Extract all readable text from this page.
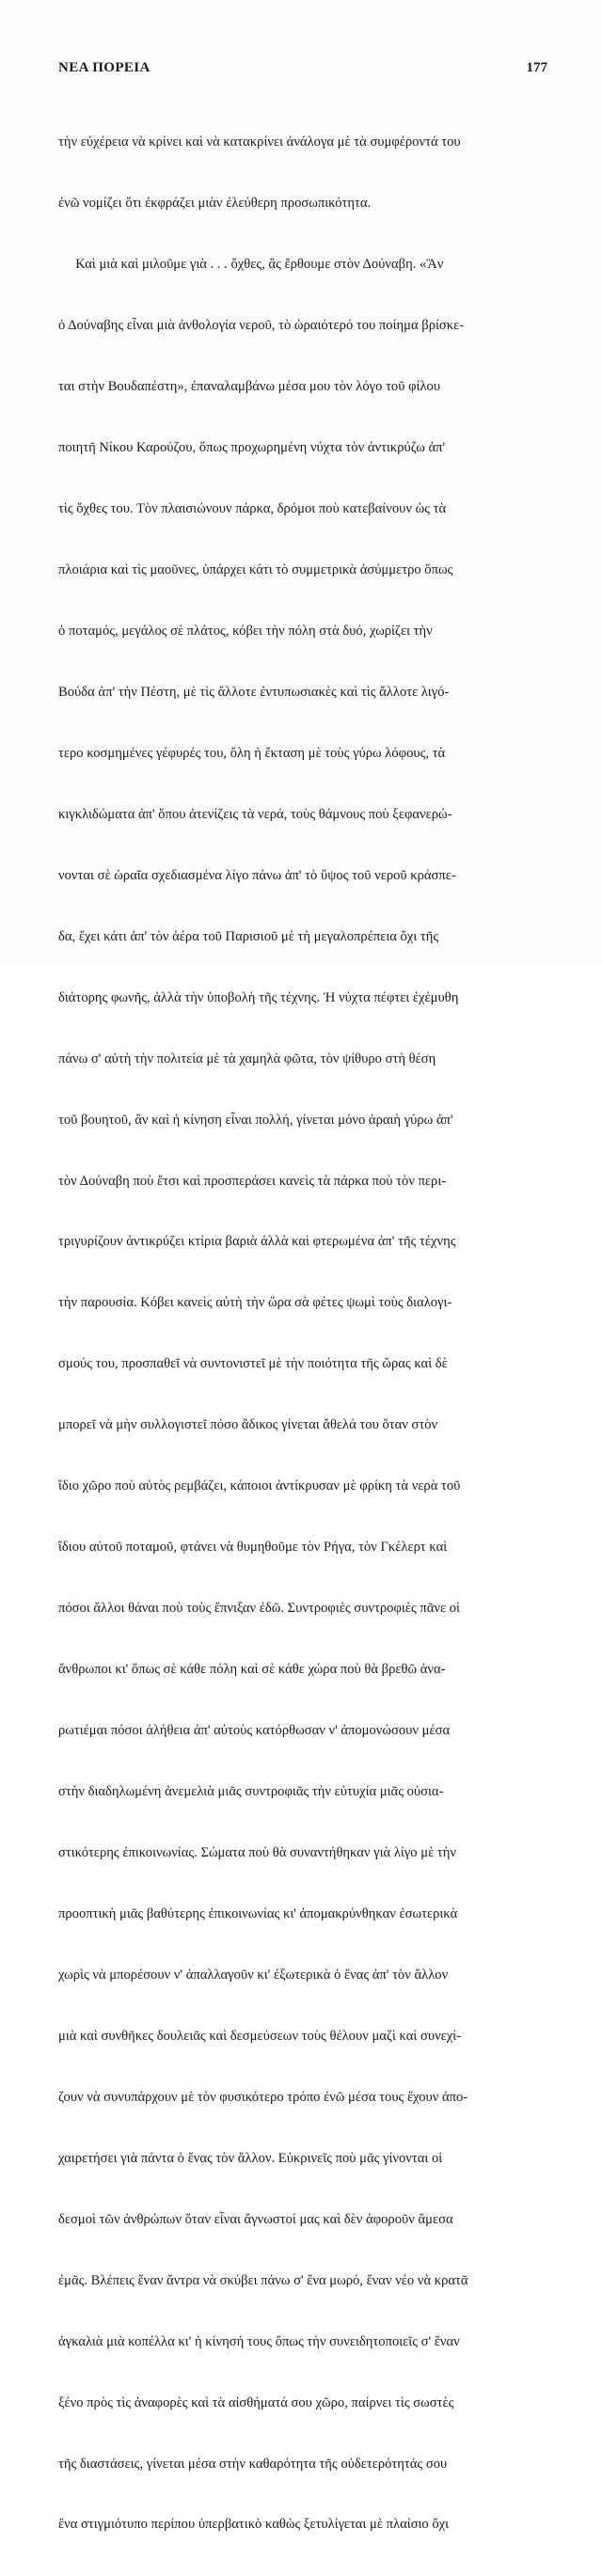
ΝΕΑ ΠΟΡΕΙΑ	177

τὴν εὐχέρεια νὰ κρίνει καὶ νὰ κατακρίνει ἀνάλογα μὲ τὰ συμφέροντά του

ἐνῶ νομίζει ὅτι ἐκφράζει μιὰν ἐλεύθερη προσωπικότητα.

Καὶ μιὰ καὶ μιλοῦμε γιὰ . . . ὄχθες, ἂς ἔρθουμε στὸν Δούναβη. «Ἂν

ὁ Δούναβης εἶναι μιὰ ἀνθολογία νεροῦ, τὸ ὡραιότερό του ποίημα βρίσκε-

ται στὴν Βουδαπέστη», ἐπαναλαμβάνω μέσα μου τὸν λόγο τοῦ φίλου

ποιητῆ Νίκου Καρούζου, ὅπως προχωρημένη νύχτα τὸν ἀντικρύζω ἀπ'

τὶς ὄχθες του. Τὸν πλαισιώνουν πάρκα, δρόμοι ποὺ κατεβαίνουν ὡς τὰ

πλοιάρια καὶ τὶς μαοῦνες, ὑπάρχει κάτι τὸ συμμετρικὰ ἀσύμμετρο ὅπως

ὁ ποταμός, μεγάλος σὲ πλάτος, κόβει τὴν πόλη στὰ δυό, χωρίζει τὴν

Βούδα ἀπ' τὴν Πέστη, μὲ τὶς ἄλλοτε ἐντυπωσιακὲς καὶ τὶς ἄλλοτε λιγό-

τερο κοσμημένες γέφυρές του, ὅλη ἡ ἔκταση μὲ τοὺς γύρω λόφους, τὰ

κιγκλιδώματα ἀπ' ὅπου ἀτενίζεις τὰ νερά, τοὺς θάμνους ποὺ ξεφανερώ-

νονται σὲ ὡραῖα σχεδιασμένα λίγο πάνω ἀπ' τὸ ὕψος τοῦ νεροῦ κράσπε-

δα, ἔχει κάτι ἀπ' τὸν ἀέρα τοῦ Παρισιοῦ μὲ τὴ μεγαλοπρέπεια ὄχι τῆς

διάτορης φωνῆς, ἀλλὰ τὴν ὑποβολὴ τῆς τέχνης. Ἡ νύχτα πέφτει ἐχέμυθη

πάνω σ' αὐτὴ τὴν πολιτεία μὲ τὰ χαμηλὰ φῶτα, τὸν ψίθυρο στὴ θέση

τοῦ βουητοῦ, ἂν καὶ ἡ κίνηση εἶναι πολλή, γίνεται μόνο ἀραιὴ γύρω ἀπ'

τὸν Δούναβη ποὺ ἔτσι καὶ προσπεράσει κανεὶς τὰ πάρκα ποὺ τὸν περι-

τριγυρίζουν ἀντικρύζει κτίρια βαριὰ ἀλλὰ καὶ φτερωμένα ἀπ' τῆς τέχνης

τὴν παρουσία. Κόβει κανεὶς αὐτὴ τὴν ὥρα σὰ φέτες ψωμὶ τοὺς διαλογι-

σμούς του, προσπαθεῖ νὰ συντονιστεῖ μὲ τὴν ποιότητα τῆς ὥρας καὶ δὲ

μπορεῖ νὰ μὴν συλλογιστεῖ πόσο ἄδικος γίνεται ἄθελά του ὅταν στὸν

ἴδιο χῶρο ποὺ αὐτὸς ρεμβάζει, κάποιοι ἀντίκρυσαν μὲ φρίκη τὰ νερὰ τοῦ

ἴδιου αὐτοῦ ποταμοῦ, φτάνει νὰ θυμηθοῦμε τὸν Ρήγα, τὸν Γκέλερτ καὶ

πόσοι ἄλλοι θάναι ποὺ τοὺς ἔπνιξαν ἐδῶ. Συντροφιὲς συντροφιὲς πᾶνε οἱ

ἄνθρωποι κι' ὅπως σὲ κάθε πόλη καὶ σὲ κάθε χώρα ποὺ θὰ βρεθῶ ἀνα-

ρωτιέμαι πόσοι ἀλήθεια ἀπ' αὐτοὺς κατόρθωσαν ν' ἀπομονώσουν μέσα

στὴν διαδηλωμένη ἀνεμελιὰ μιᾶς συντροφιᾶς τὴν εὐτυχία μιᾶς οὐσια-

στικότερης ἐπικοινωνίας. Σώματα ποὺ θὰ συναντήθηκαν γιὰ λίγο μὲ τὴν

προοπτικὴ μιᾶς βαθύτερης ἐπικοινωνίας κι' ἀπομακρύνθηκαν ἐσωτερικὰ

χωρὶς νὰ μπορέσουν ν' ἀπαλλαγοῦν κι' ἐξωτερικὰ ὁ ἕνας ἀπ' τὸν ἄλλον

μιὰ καὶ συνθῆκες δουλειᾶς καὶ δεσμεύσεων τοὺς θέλουν μαζὶ καὶ συνεχί-

ζουν νὰ συνυπάρχουν μὲ τὸν φυσικότερο τρόπο ἐνῶ μέσα τους ἔχουν ἀπο-

χαιρετήσει γιὰ πάντα ὁ ἕνας τὸν ἄλλον. Εὐκρινεῖς ποὺ μᾶς γίνονται οἱ

δεσμοὶ τῶν ἀνθρώπων ὅταν εἶναι ἄγνωστοί μας καὶ δὲν ἀφοροῦν ἄμεσα

ἐμᾶς. Βλέπεις ἕναν ἄντρα νὰ σκύβει πάνω σ' ἕνα μωρό, ἕναν νέο νὰ κρατᾶ

ἀγκαλιὰ μιὰ κοπέλλα κι' ἡ κίνησή τους ὅπως τὴν συνειδητοποιεῖς σ' ἕναν

ξένο πρὸς τὶς ἀναφορὲς καὶ τὰ αἰσθήματά σου χῶρο, παίρνει τὶς σωστὲς

τῆς διαστάσεις, γίνεται μέσα στὴν καθαρότητα τῆς οὐδετερότητάς σου

ἕνα στιγμιότυπο περίπου ὑπερβατικὸ καθὼς ξετυλίγεται μὲ πλαίσιο ὄχι
